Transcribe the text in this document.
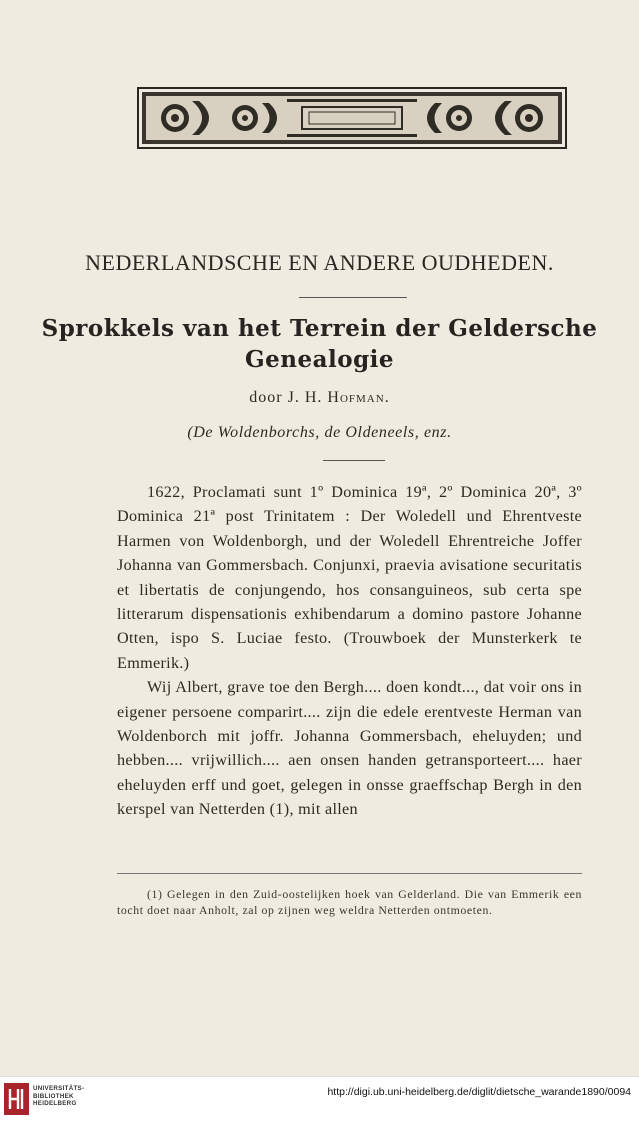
NEDERLANDSCHE EN ANDERE OUDHEDEN.
Sprokkels van het Terrein der Geldersche
Genealogie
door J. H. Hofman.
(De Woldenborchs, de Oldeneels, enz.

1622, Proclamati sunt 1º Dominica 19ª, 2º Dominica 20ª, 3º Dominica 21ª post Trinitatem : Der Woledell und Ehrentveste Harmen von Woldenborgh, und der Woledell Ehrentreiche Joffer Johanna van Gommersbach. Conjunxi, praevia avisatione securitatis et libertatis de conjungendo, hos consanguineos, sub certa spe litterarum dispensationis exhibendarum a domino pastore Johanne Otten, ispo S. Luciae festo. (Trouwboek der Munsterkerk te Emmerik.)

Wij Albert, grave toe den Bergh.... doen kondt..., dat voir ons in eigener persoene comparirt.... zijn die edele erentveste Herman van Woldenborch mit joffr. Johanna Gommersbach, eheluyden; und hebben.... vrijwillich.... aen onsen handen getransporteert.... haer eheluyden erff und goet, gelegen in onsse graeffschap Bergh in den kerspel van Netterden (1), mit allen

(1) Gelegen in den Zuid-oostelijken hoek van Gelderland. Die van Emmerik een tocht doet naar Anholt, zal op zijnen weg weldra Netterden ontmoeten.

UNIVERSITÄTS-
BIBLIOTHEK
HEIDELBERG
http://digi.ub.uni-heidelberg.de/diglit/dietsche_warande1890/0094
